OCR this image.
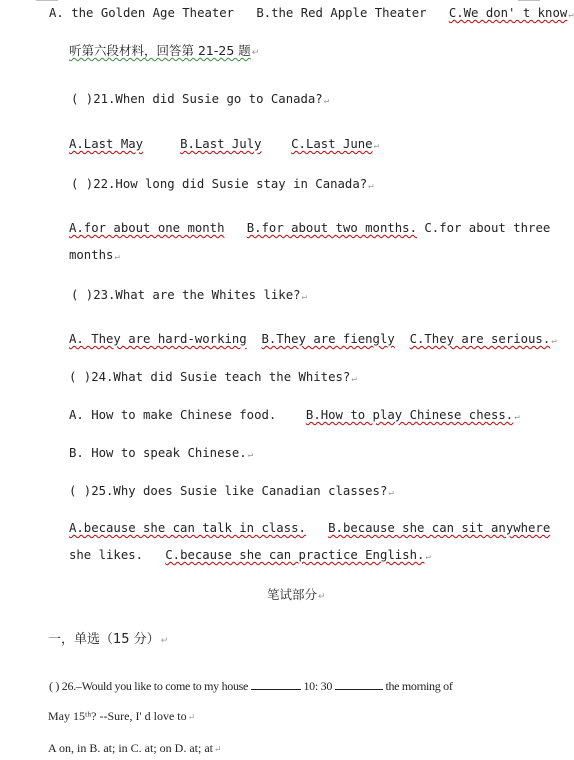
A. the Golden Age Theater B.the Red Apple Theater C.We don' t know↵
听第六段材料，回答第 21-25 题↵
( )21.When did Susie go to Canada?↵
A.Last May	B.Last July C.Last June↵
( )22.How long did Susie stay in Canada?↵
A.for about one month B.for about two months. C.for about three
months↵
( )23.What are the Whites like?↵
A. They are hard-working B.They are fiengly C.They are serious.↵
( )24.What did Susie teach the Whites?↵
A. How to make Chinese food. B.How to play Chinese chess.↵
B. How to speak Chinese.↵
( )25.Why does Susie like Canadian classes?↵
A.because she can talk in class. B.because she can sit anywhere
she likes. C.because she can practice English.↵
笔试部分↵
一，单选（15 分）↵
( ) 26.–Would you like to come to my house	10: 30	the morning of
May 15ᵗʰ? --Sure, I' d love to↵
A on, in B. at; in C. at; on D. at; at↵
